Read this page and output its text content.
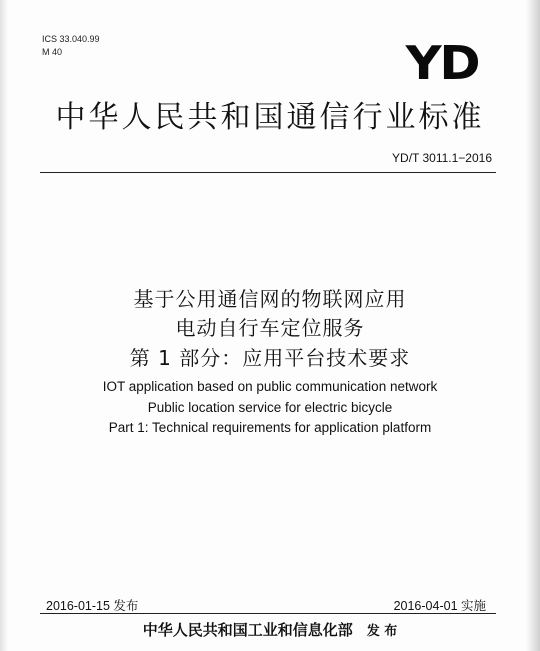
ICS 33.040.99
M 40	YD
中华人民共和国通信行业标准
YD/T 3011.1−2016
基于公用通信网的物联网应用
电动自行车定位服务
第 1 部分：应用平台技术要求
IOT application based on public communication network
Public location service for electric bicycle
Part 1: Technical requirements for application platform
2016-01-15 发布	2016-04-01 实施
中华人民共和国工业和信息化部 发 布
